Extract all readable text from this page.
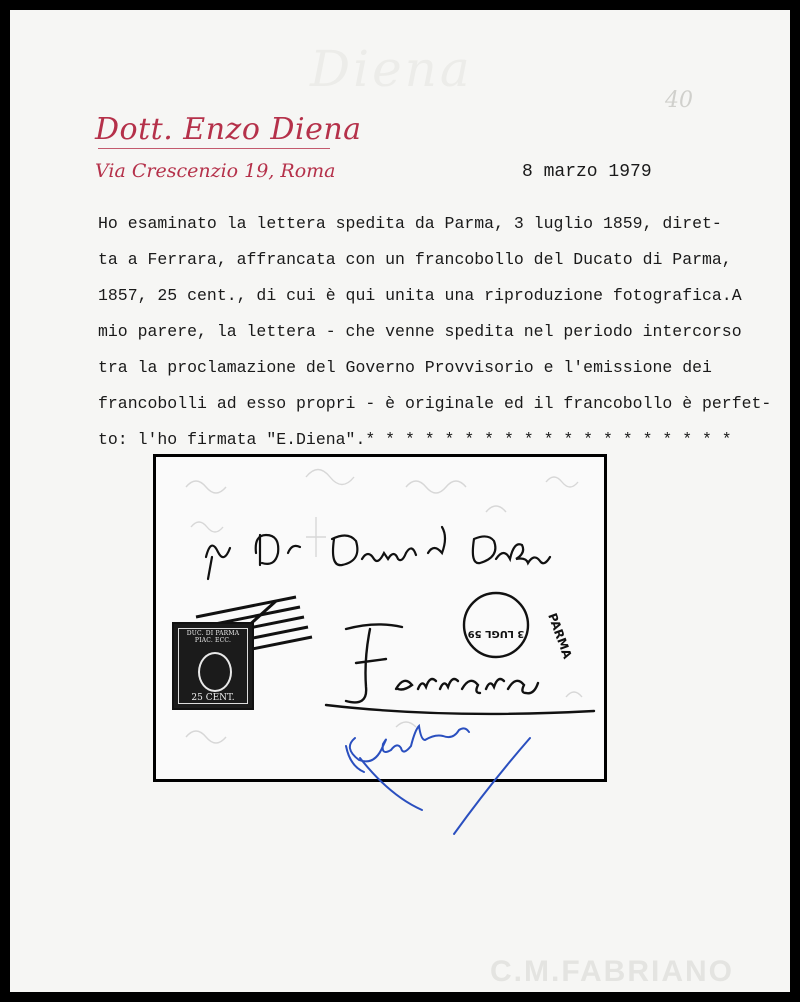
Diena
40
Dott. Enzo Diena
Via Crescenzio 19, Roma	8 marzo 1979

Ho esaminato la lettera spedita da Parma, 3 luglio 1859, diret-
ta a Ferrara, affrancata con un francobollo del Ducato di Parma,
1857, 25 cent., di cui è qui unita una riproduzione fotografica.A
mio parere, la lettera - che venne spedita nel periodo intercorso
tra la proclamazione del Governo Provvisorio e l'emissione dei
francobolli ad esso propri - è originale ed il francobollo è perfet-
to: l'ho firmata "E.Diena".* * * * * * * * * * * * * * * * * * *

3 LUGL 59 PARMA
DUC. DI PARMA PIAC. ECC.
25 CENT.
C.M.FABRIANO
